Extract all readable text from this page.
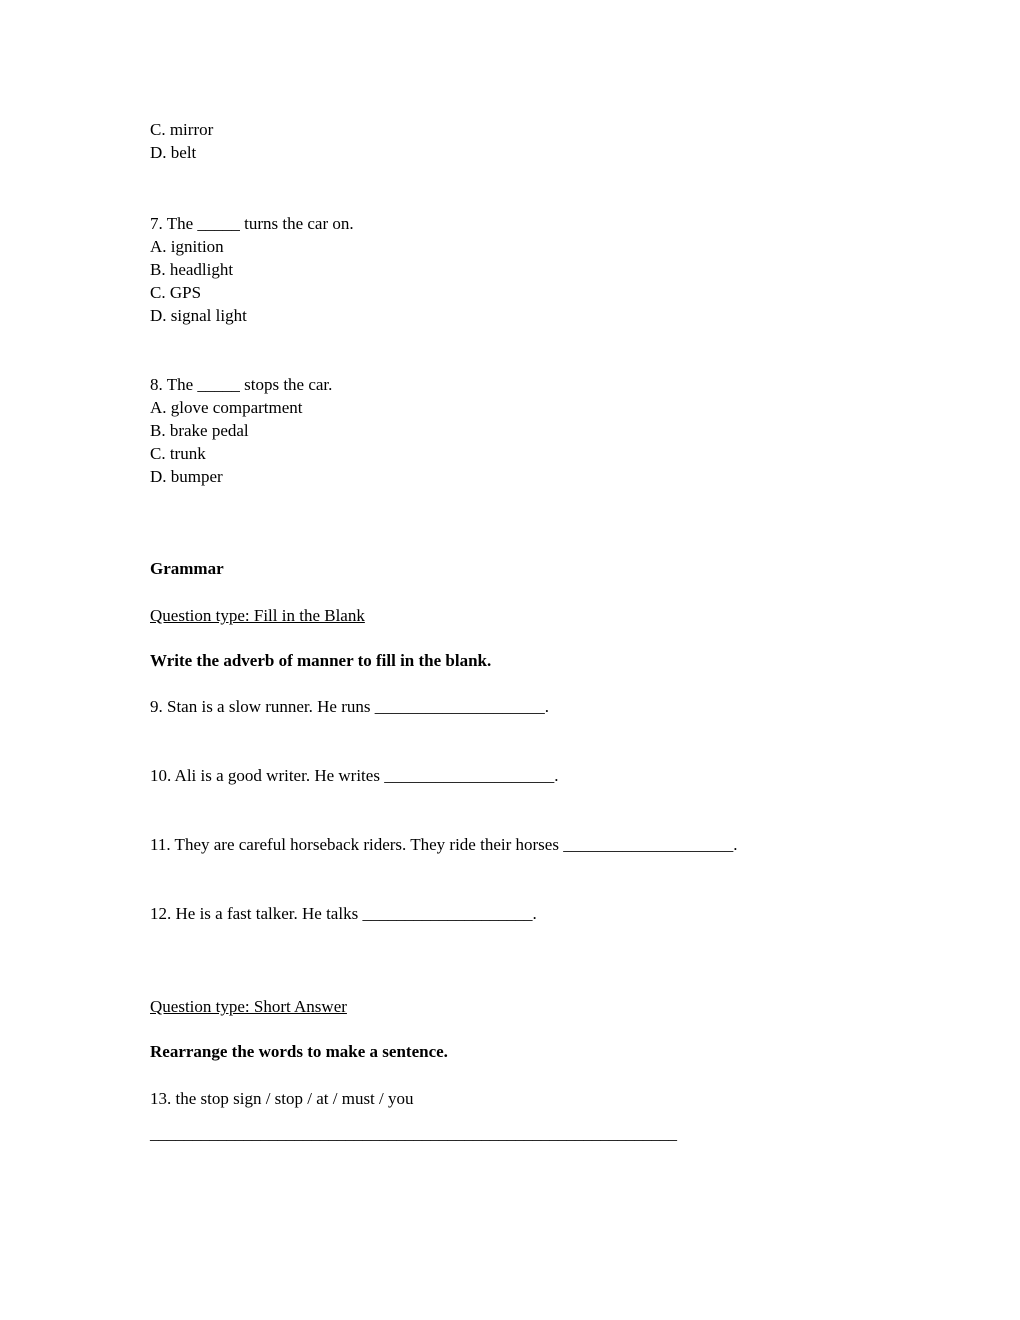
C. mirror
D. belt
7. The _____ turns the car on.
A. ignition
B. headlight
C. GPS
D. signal light
8. The _____ stops the car.
A. glove compartment
B. brake pedal
C. trunk
D. bumper
Grammar
Question type: Fill in the Blank
Write the adverb of manner to fill in the blank.
9. Stan is a slow runner. He runs ____________________.
10. Ali is a good writer. He writes ____________________.
11. They are careful horseback riders. They ride their horses ____________________.
12. He is a fast talker. He talks ____________________.
Question type: Short Answer
Rearrange the words to make a sentence.
13. the stop sign / stop / at / must / you
______________________________________________________________
